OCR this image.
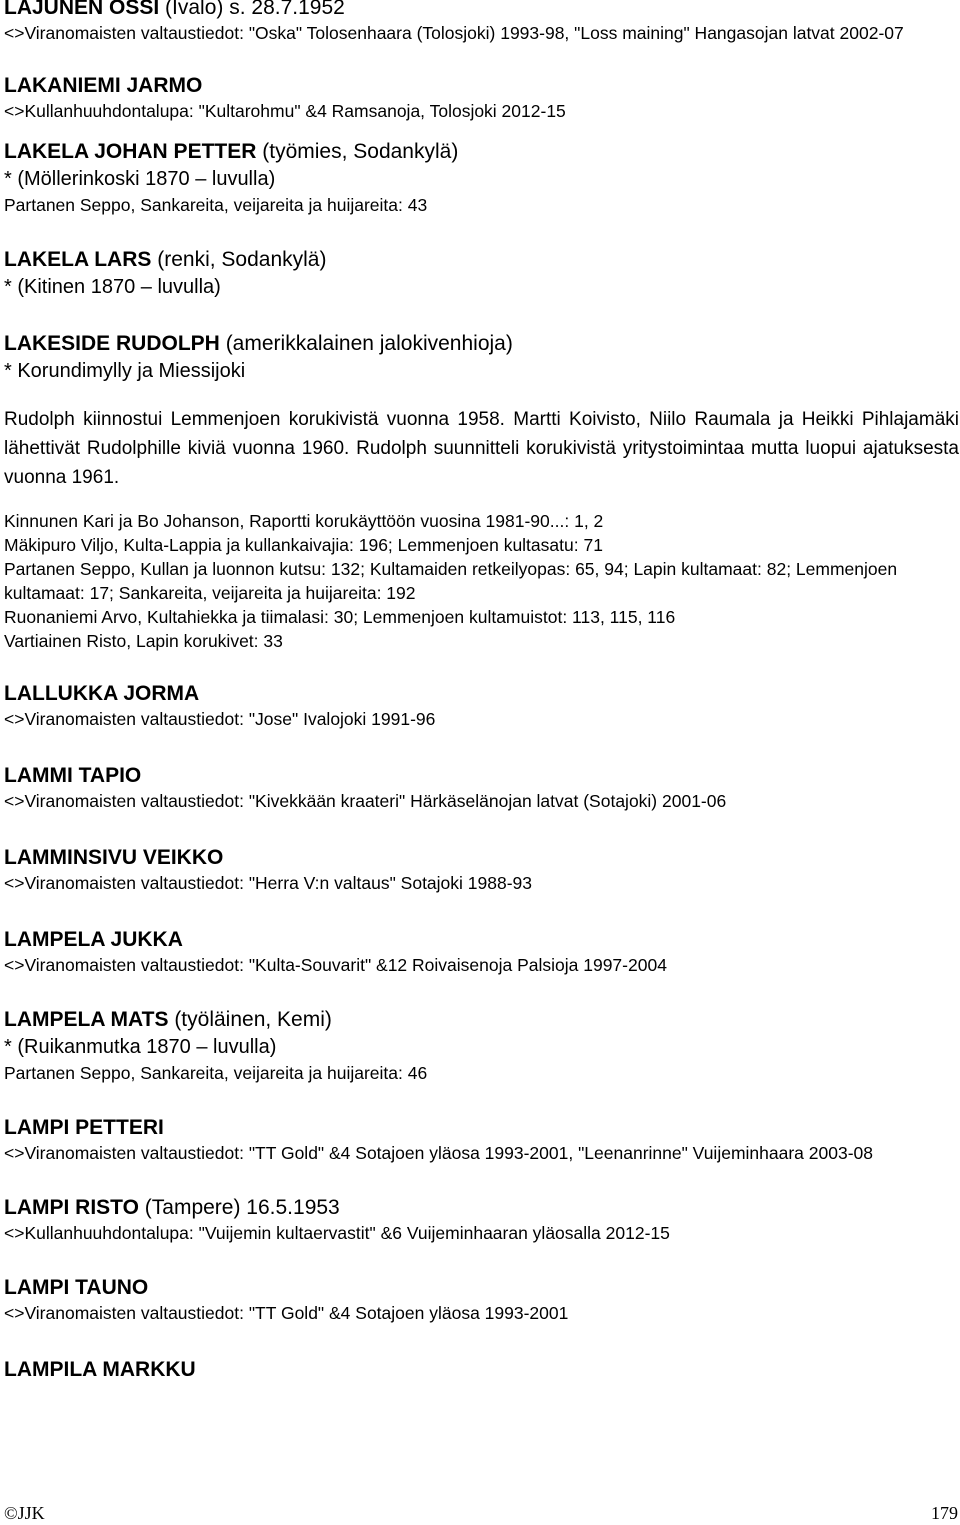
LAJUNEN OSSI (Ivalo) s. 28.7.1952

<>Viranomaisten valtaustiedot: "Oska" Tolosenhaara (Tolosjoki) 1993-98, "Loss maining" Hangasojan latvat 2002-07

LAKANIEMI JARMO

<>Kullanhuuhdontalupa: "Kultarohmu" &4 Ramsanoja, Tolosjoki 2012-15

LAKELA JOHAN PETTER (työmies, Sodankylä)

* (Möllerinkoski 1870 – luvulla)

Partanen Seppo, Sankareita, veijareita ja huijareita: 43

LAKELA LARS (renki, Sodankylä)

* (Kitinen 1870 – luvulla)

LAKESIDE RUDOLPH (amerikkalainen jalokivenhioja)

* Korundimylly ja Miessijoki

Rudolph kiinnostui Lemmenjoen korukivistä vuonna 1958. Martti Koivisto, Niilo Raumala ja Heikki Pihlajamäki lähettivät Rudolphille kiviä vuonna 1960. Rudolph suunnitteli korukivistä yritystoimintaa mutta luopui ajatuksesta vuonna 1961.

Kinnunen Kari ja Bo Johanson, Raportti korukäyttöön vuosina 1981-90...: 1, 2

Mäkipuro Viljo, Kulta-Lappia ja kullankaivajia: 196; Lemmenjoen kultasatu: 71

Partanen Seppo, Kullan ja luonnon kutsu: 132; Kultamaiden retkeilyopas: 65, 94; Lapin kultamaat: 82; Lemmenjoen kultamaat: 17; Sankareita, veijareita ja huijareita: 192

Ruonaniemi Arvo, Kultahiekka ja tiimalasi: 30; Lemmenjoen kultamuistot: 113, 115, 116

Vartiainen Risto, Lapin korukivet: 33

LALLUKKA JORMA

<>Viranomaisten valtaustiedot: "Jose" Ivalojoki 1991-96

LAMMI TAPIO

<>Viranomaisten valtaustiedot: "Kivekkään kraateri" Härkäselänojan latvat (Sotajoki) 2001-06

LAMMINSIVU VEIKKO

<>Viranomaisten valtaustiedot: "Herra V:n valtaus" Sotajoki 1988-93

LAMPELA JUKKA

<>Viranomaisten valtaustiedot: "Kulta-Souvarit" &12 Roivaisenoja Palsioja 1997-2004

LAMPELA MATS (työläinen, Kemi)

* (Ruikanmutka 1870 – luvulla)

Partanen Seppo, Sankareita, veijareita ja huijareita: 46

LAMPI PETTERI

<>Viranomaisten valtaustiedot: "TT Gold" &4 Sotajoen yläosa 1993-2001, "Leenanrinne" Vuijeminhaara 2003-08

LAMPI RISTO (Tampere) 16.5.1953

<>Kullanhuuhdontalupa: "Vuijemin kultaervastit" &6 Vuijeminhaaran yläosalla 2012-15

LAMPI TAUNO

<>Viranomaisten valtaustiedot: "TT Gold" &4 Sotajoen yläosa 1993-2001

LAMPILA MARKKU

©JJK	179
